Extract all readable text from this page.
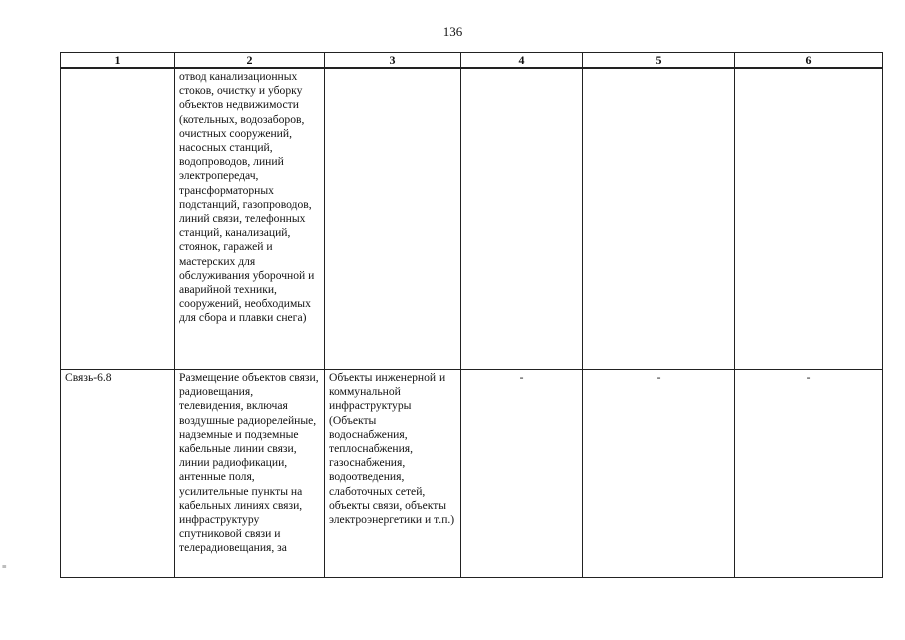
136
1	2	3	4	5	6
	отвод канализационных стоков, очистку и уборку объектов недвижимости (котельных, водозаборов, очистных сооружений, насосных станций, водопроводов, линий электропередач, трансформаторных подстанций, газопроводов, линий связи, телефонных станций, канализаций, стоянок, гаражей и мастерских для обслуживания уборочной и аварийной техники, сооружений, необходимых для сбора и плавки снега)				
Связь-6.8	Размещение объектов связи, радиовещания, телевидения, включая воздушные радиорелейные, надземные и подземные кабельные линии связи, линии радиофикации, антенные поля, усилительные пункты на кабельных линиях связи, инфраструктуру спутниковой связи и телерадиовещания, за	Объекты инженерной и коммунальной инфраструктуры (Объекты водоснабжения, теплоснабжения, газоснабжения, водоотведения, слаботочных сетей, объекты связи, объекты электроэнергетики и т.п.)	-	-	-
≡
